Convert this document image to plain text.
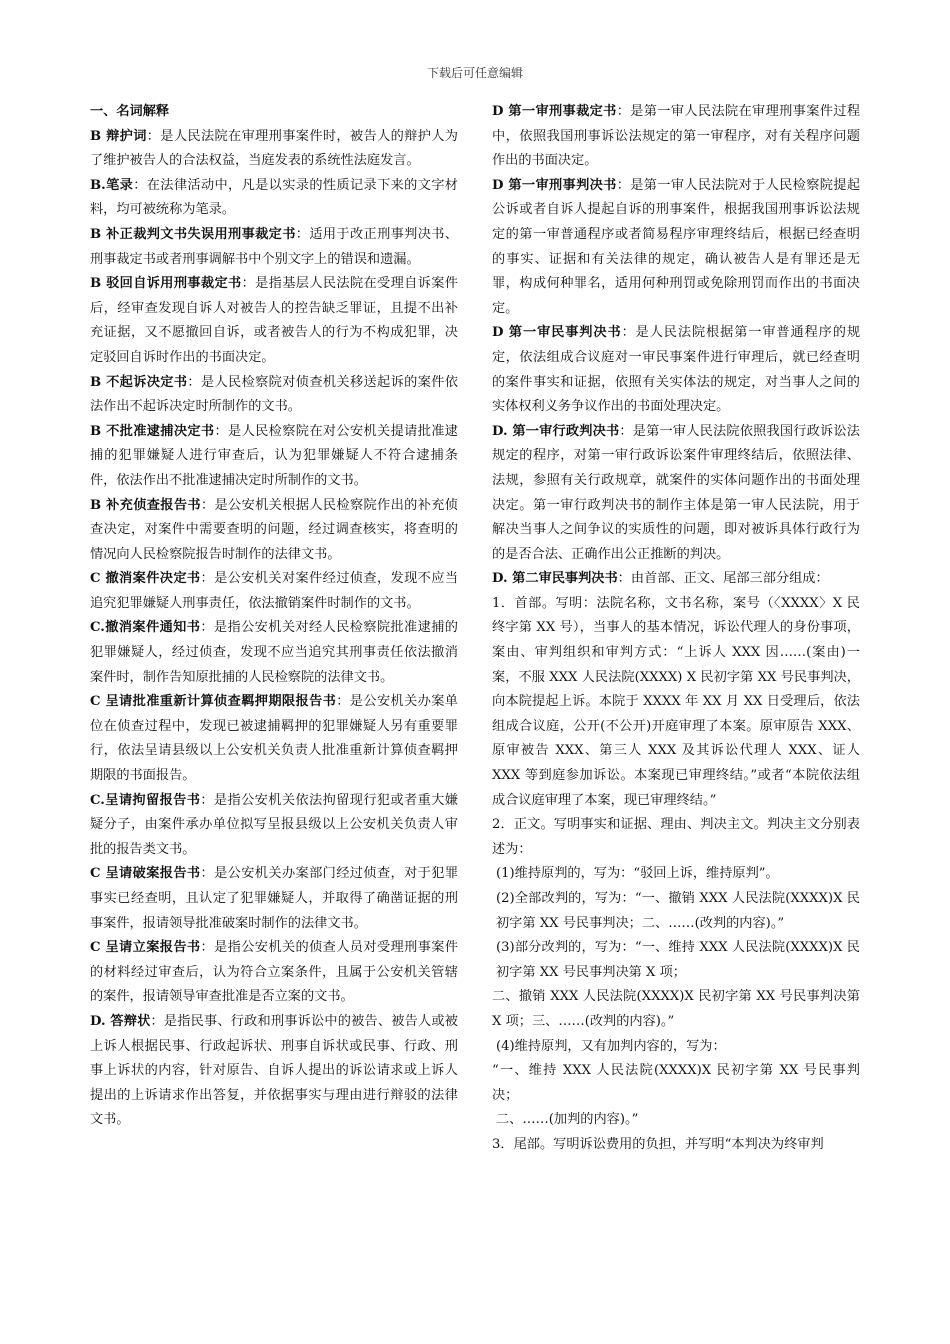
下载后可任意编辑

一、名词解释

B 辩护词：是人民法院在审理刑事案件时，被告人的辩护人为了维护被告人的合法权益，当庭发表的系统性法庭发言。

B.笔录：在法律活动中，凡是以实录的性质记录下来的文字材料，均可被统称为笔录。

B 补正裁判文书失误用刑事裁定书：适用于改正刑事判决书、刑事裁定书或者刑事调解书中个别文字上的错误和遗漏。

B 驳回自诉用刑事裁定书：是指基层人民法院在受理自诉案件后，经审查发现自诉人对被告人的控告缺乏罪证，且提不出补充证据，又不愿撤回自诉，或者被告人的行为不构成犯罪，决定驳回自诉时作出的书面决定。

B 不起诉决定书：是人民检察院对侦查机关移送起诉的案件依法作出不起诉决定时所制作的文书。

B 不批准逮捕决定书：是人民检察院在对公安机关提请批准逮捕的犯罪嫌疑人进行审查后，认为犯罪嫌疑人不符合逮捕条件，依法作出不批准逮捕决定时所制作的文书。

B 补充侦查报告书：是公安机关根据人民检察院作出的补充侦查决定，对案件中需要查明的问题，经过调查核实，将查明的情况向人民检察院报告时制作的法律文书。

C 撤消案件决定书：是公安机关对案件经过侦查，发现不应当追究犯罪嫌疑人刑事责任，依法撤销案件时制作的文书。

C.撤消案件通知书：是指公安机关对经人民检察院批准逮捕的犯罪嫌疑人，经过侦查，发现不应当追究其刑事责任依法撤消案件时，制作告知原批捕的人民检察院的法律文书。

C 呈请批准重新计算侦查羁押期限报告书：是公安机关办案单位在侦查过程中，发现已被逮捕羁押的犯罪嫌疑人另有重要罪行，依法呈请县级以上公安机关负责人批准重新计算侦查羁押期限的书面报告。

C.呈请拘留报告书：是指公安机关依法拘留现行犯或者重大嫌疑分子，由案件承办单位拟写呈报县级以上公安机关负责人审批的报告类文书。

C 呈请破案报告书：是公安机关办案部门经过侦查，对于犯罪事实已经查明，且认定了犯罪嫌疑人，并取得了确凿证据的刑事案件，报请领导批准破案时制作的法律文书。

C 呈请立案报告书：是指公安机关的侦查人员对受理刑事案件的材料经过审查后，认为符合立案条件，且属于公安机关管辖的案件，报请领导审查批准是否立案的文书。

D. 答辩状：是指民事、行政和刑事诉讼中的被告、被告人或被上诉人根据民事、行政起诉状、刑事自诉状或民事、行政、刑事上诉状的内容，针对原告、自诉人提出的诉讼请求或上诉人提出的上诉请求作出答复，并依据事实与理由进行辩驳的法律文书。

D 第一审刑事裁定书：是第一审人民法院在审理刑事案件过程中，依照我国刑事诉讼法规定的第一审程序，对有关程序问题作出的书面决定。

D 第一审刑事判决书：是第一审人民法院对于人民检察院提起公诉或者自诉人提起自诉的刑事案件，根据我国刑事诉讼法规定的第一审普通程序或者简易程序审理终结后，根据已经查明的事实、证据和有关法律的规定，确认被告人是有罪还是无罪，构成何种罪名，适用何种刑罚或免除刑罚而作出的书面决定。

D 第一审民事判决书：是人民法院根据第一审普通程序的规定，依法组成合议庭对一审民事案件进行审理后，就已经查明的案件事实和证据，依照有关实体法的规定，对当事人之间的实体权利义务争议作出的书面处理决定。

D. 第一审行政判决书：是第一审人民法院依照我国行政诉讼法规定的程序，对第一审行政诉讼案件审理终结后，依照法律、法规，参照有关行政规章，就案件的实体问题作出的书面处理决定。第一审行政判决书的制作主体是第一审人民法院，用于解决当事人之间争议的实质性的问题，即对被诉具体行政行为的是否合法、正确作出公正推断的判决。

D. 第二审民事判决书：由首部、正文、尾部三部分组成：

1．首部。写明：法院名称，文书名称，案号（〈XXXX〉X 民终字第 XX 号），当事人的基本情况，诉讼代理人的身份事项，案由、审判组织和审判方式：“上诉人 XXX 因……(案由)一案，不服 XXX 人民法院(XXXX) X 民初字第 XX 号民事判决，向本院提起上诉。本院于 XXXX 年 XX 月 XX 日受理后，依法组成合议庭，公开(不公开)开庭审理了本案。原审原告 XXX、原审被告 XXX、第三人 XXX 及其诉讼代理人 XXX、证人 XXX 等到庭参加诉讼。本案现已审理终结。”或者“本院依法组成合议庭审理了本案，现已审理终结。”

2．正文。写明事实和证据、理由、判决主文。判决主文分别表述为：

(1)维持原判的，写为：“驳回上诉，维持原判”。

(2)全部改判的，写为：“一、撤销 XXX 人民法院(XXXX)X 民初字第 XX 号民事判决；二、……(改判的内容)。”

(3)部分改判的，写为：“一、维持 XXX 人民法院(XXXX)X 民初字第 XX 号民事判决第 X 项；

二、撤销 XXX 人民法院(XXXX)X 民初字第 XX 号民事判决第 X 项；三、……(改判的内容)。”

(4)维持原判，又有加判内容的，写为：

“一、维持 XXX 人民法院(XXXX)X 民初字第 XX 号民事判决；

二、……(加判的内容)。”

3．尾部。写明诉讼费用的负担，并写明“本判决为终审判
